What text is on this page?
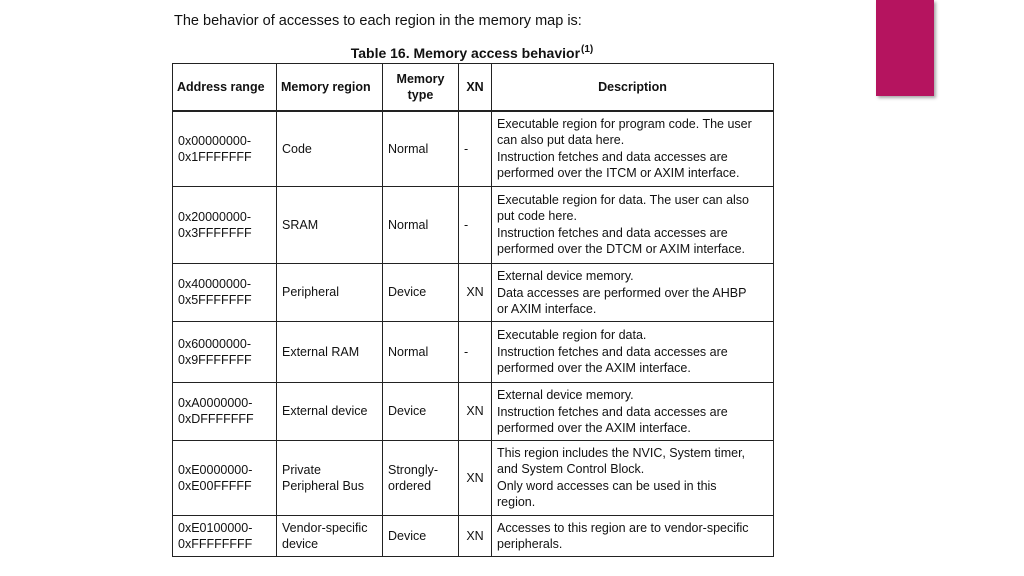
The behavior of accesses to each region in the memory map is:
Table 16. Memory access behavior$^{(1)}$
Address range	Memory region	Memory type	XN	Description

0x00000000-
0x1FFFFFFF	Code	Normal	-	Executable region for program code. The user
can also put data here.
Instruction fetches and data accesses are
performed over the ITCM or AXIM interface.

0x20000000-
0x3FFFFFFF	SRAM	Normal	-	Executable region for data. The user can also
put code here.
Instruction fetches and data accesses are
performed over the DTCM or AXIM interface.

0x40000000-
0x5FFFFFFF	Peripheral	Device	XN	External device memory.
Data accesses are performed over the AHBP
or AXIM interface.

0x60000000-
0x9FFFFFFF	External RAM	Normal	-	Executable region for data.
Instruction fetches and data accesses are
performed over the AXIM interface.

0xA0000000-
0xDFFFFFFF	External device	Device	XN	External device memory.
Instruction fetches and data accesses are
performed over the AXIM interface.

0xE0000000-
0xE00FFFFF	Private Peripheral Bus	Strongly-ordered	XN	This region includes the NVIC, System timer,
and System Control Block.
Only word accesses can be used in this
region.

0xE0100000-
0xFFFFFFFF	Vendor-specific device	Device	XN	Accesses to this region are to vendor-specific
peripherals.
